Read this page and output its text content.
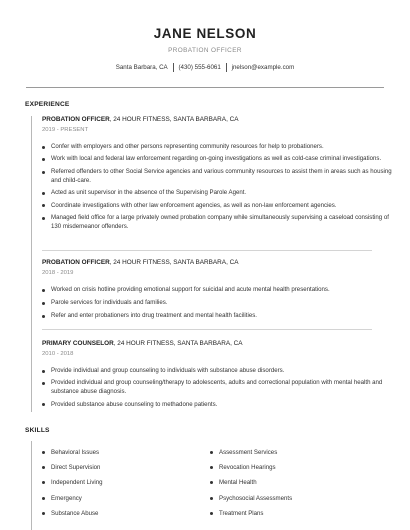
JANE NELSON
PROBATION OFFICER
Santa Barbara, CA (430) 555-6061 jnelson@example.com
EXPERIENCE
PROBATION OFFICER, 24 HOUR FITNESS, SANTA BARBARA, CA
2019 - PRESENT
Confer with employers and other persons representing community resources for help to probationers.
Work with local and federal law enforcement regarding on-going investigations as well as cold-case criminal investigations.
Referred offenders to other Social Service agencies and various community resources to assist them in areas such as housing and child-care.
Acted as unit supervisor in the absence of the Supervising Parole Agent.
Coordinate investigations with other law enforcement agencies, as well as non-law enforcement agencies.
Managed field office for a large privately owned probation company while simultaneously supervising a caseload consisting of 130 misdemeanor offenders.
PROBATION OFFICER, 24 HOUR FITNESS, SANTA BARBARA, CA
2018 - 2019
Worked on crisis hotline providing emotional support for suicidal and acute mental health presentations.
Parole services for individuals and families.
Refer and enter probationers into drug treatment and mental health facilities.
PRIMARY COUNSELOR, 24 HOUR FITNESS, SANTA BARBARA, CA
2010 - 2018
Provide individual and group counseling to individuals with substance abuse disorders.
Provided individual and group counseling/therapy to adolescents, adults and correctional population with mental health and substance abuse diagnosis.
Provided substance abuse counseling to methadone patients.
SKILLS
Behavioral Issues
Direct Supervision
Independent Living
Emergency
Substance Abuse
Assessment Services
Revocation Hearings
Mental Health
Psychosocial Assessments
Treatment Plans
